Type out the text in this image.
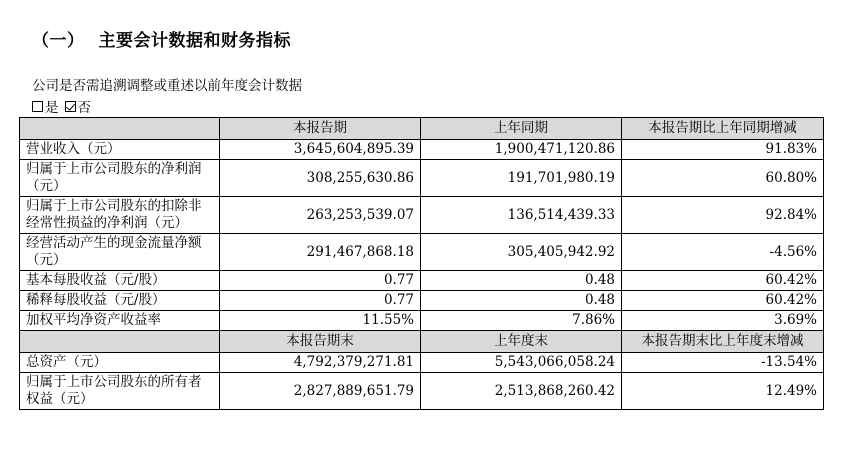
（一） 主要会计数据和财务指标
公司是否需追溯调整或重述以前年度会计数据
是 否
	本报告期	上年同期	本报告期比上年同期增减
营业收入（元）	3,645,604,895.39	1,900,471,120.86	91.83%
归属于上市公司股东的净利润（元）	308,255,630.86	191,701,980.19	60.80%
归属于上市公司股东的扣除非经常性损益的净利润（元）	263,253,539.07	136,514,439.33	92.84%
经营活动产生的现金流量净额（元）	291,467,868.18	305,405,942.92	-4.56%
基本每股收益（元/股）	0.77	0.48	60.42%
稀释每股收益（元/股）	0.77	0.48	60.42%
加权平均净资产收益率	11.55%	7.86%	3.69%
	本报告期末	上年度末	本报告期末比上年度末增减
总资产（元）	4,792,379,271.81	5,543,066,058.24	-13.54%
归属于上市公司股东的所有者权益（元）	2,827,889,651.79	2,513,868,260.42	12.49%
